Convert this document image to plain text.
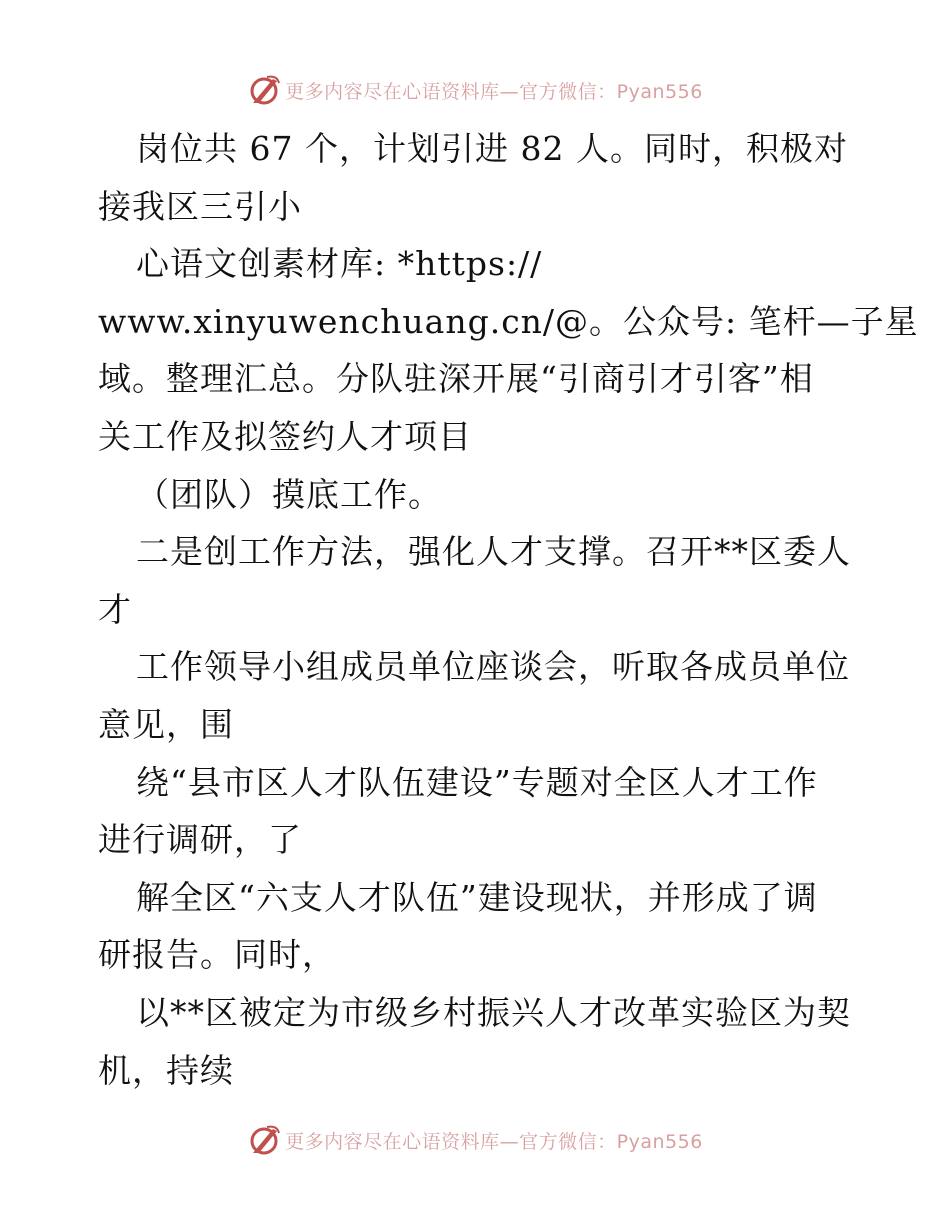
更多内容尽在心语资料库—官方微信：Pyan556
岗位共 67 个，计划引进 82 人。同时，积极对
接我区三引小
心语文创素材库: *https://
www.xinyuwenchuang.cn/@。公众号: 笔杆—子星
域。整理汇总。分队驻深开展“引商引才引客”相
关工作及拟签约人才项目
（团队）摸底工作。
二是创工作方法，强化人才支撑。召开**区委人
才
工作领导小组成员单位座谈会，听取各成员单位
意见，围
绕“县市区人才队伍建设”专题对全区人才工作
进行调研，了
解全区“六支人才队伍”建设现状，并形成了调
研报告。同时，
以**区被定为市级乡村振兴人才改革实验区为契
机，持续
更多内容尽在心语资料库—官方微信：Pyan556
